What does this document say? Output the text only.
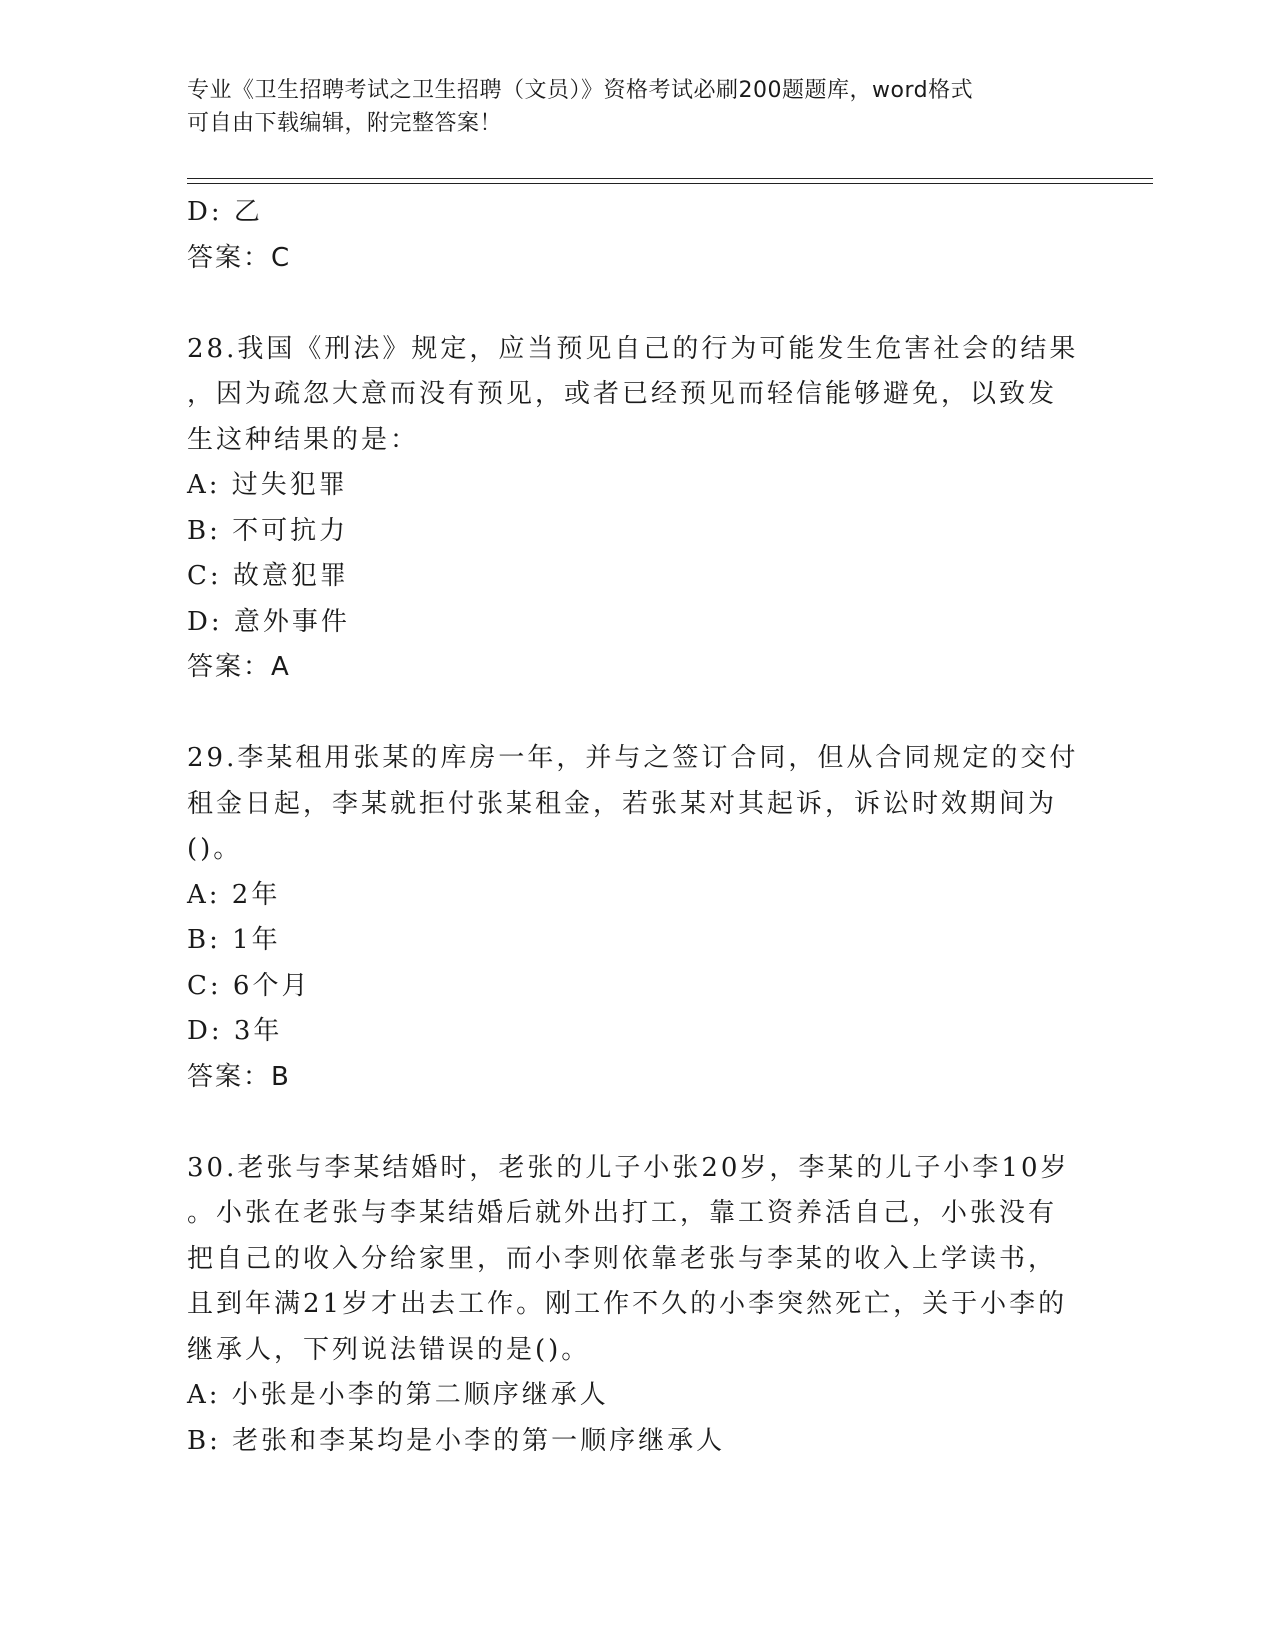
专业《卫生招聘考试之卫生招聘（文员）》资格考试必刷200题题库，word格式
可自由下载编辑，附完整答案！
D: 乙
答案：C
28.我国《刑法》规定，应当预见自己的行为可能发生危害社会的结果
，因为疏忽大意而没有预见，或者已经预见而轻信能够避免，以致发
生这种结果的是：
A: 过失犯罪
B: 不可抗力
C: 故意犯罪
D: 意外事件
答案：A
29.李某租用张某的库房一年，并与之签订合同，但从合同规定的交付
租金日起，李某就拒付张某租金，若张某对其起诉，诉讼时效期间为
()。
A: 2年
B: 1年
C: 6个月
D: 3年
答案：B
30.老张与李某结婚时，老张的儿子小张20岁，李某的儿子小李10岁
。小张在老张与李某结婚后就外出打工，靠工资养活自己，小张没有
把自己的收入分给家里，而小李则依靠老张与李某的收入上学读书，
且到年满21岁才出去工作。刚工作不久的小李突然死亡，关于小李的
继承人，下列说法错误的是()。
A: 小张是小李的第二顺序继承人
B: 老张和李某均是小李的第一顺序继承人
